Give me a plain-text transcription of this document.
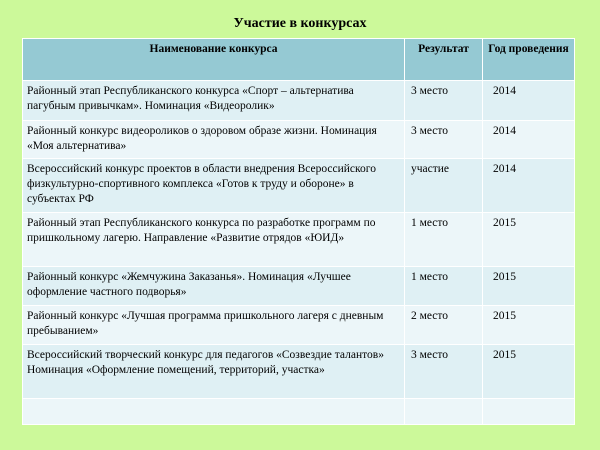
Участие в конкурсах
Наименование конкурса	Результат	Год проведения
Районный этап Республиканского конкурса «Спорт – альтернатива пагубным привычкам». Номинация «Видеоролик»	3 место	2014
Районный конкурс видеороликов о здоровом образе жизни. Номинация «Моя альтернатива»	3 место	2014
Всероссийский конкурс проектов в области внедрения Всероссийского физкультурно-спортивного комплекса «Готов к труду и обороне» в субъектах РФ	участие	2014
Районный этап Республиканского конкурса по разработке программ по пришкольному лагерю. Направление «Развитие отрядов «ЮИД»	1 место	2015
Районный конкурс «Жемчужина Заказанья». Номинация «Лучшее оформление частного подворья»	1 место	2015
Районный конкурс «Лучшая программа пришкольного лагеря с дневным пребыванием»	2 место	2015
Всероссийский творческий конкурс для педагогов «Созвездие талантов» Номинация «Оформление помещений, территорий, участка»	3 место	2015
